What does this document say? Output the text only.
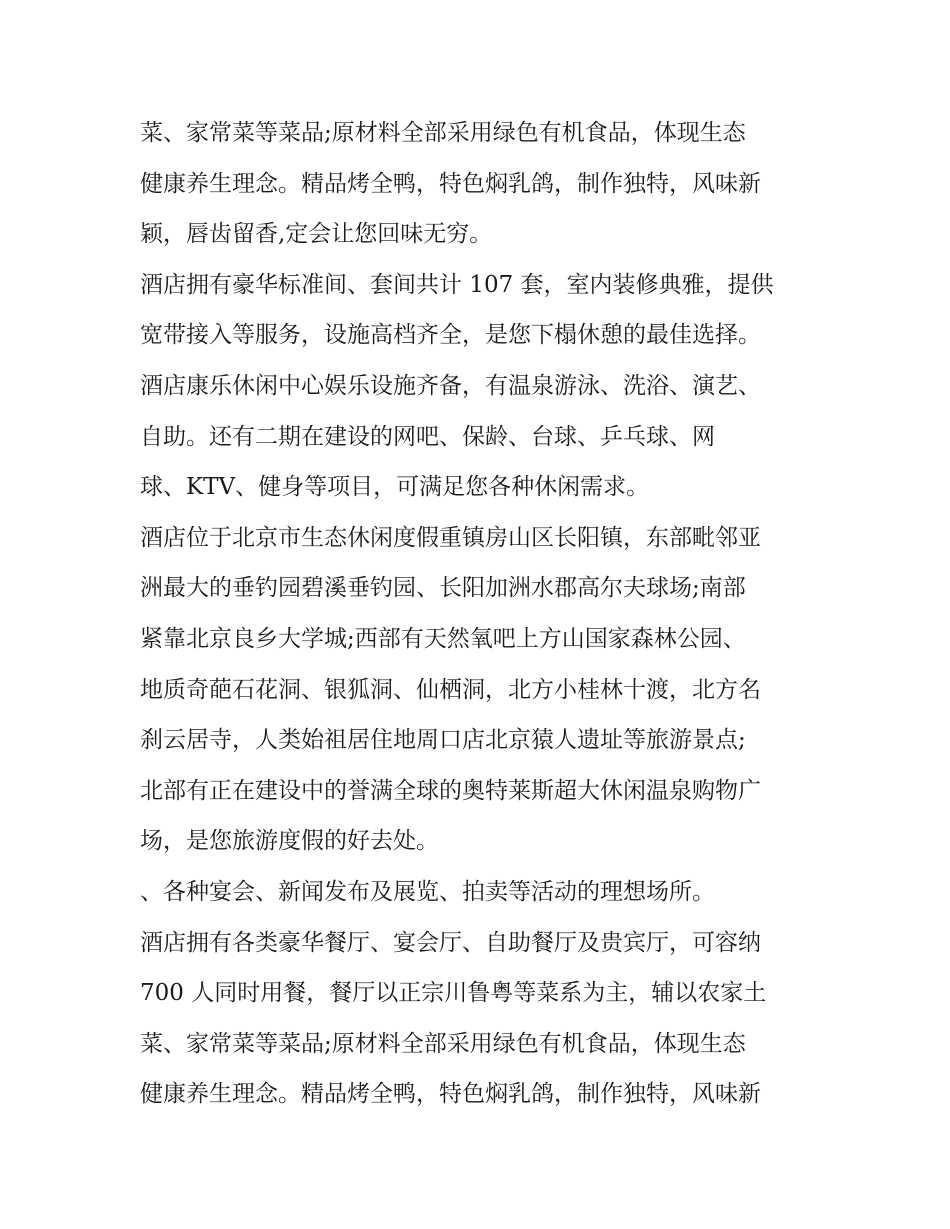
菜、家常菜等菜品;原材料全部采用绿色有机食品，体现生态
健康养生理念。精品烤全鸭，特色焖乳鸽，制作独特，风味新
颖，唇齿留香,定会让您回味无穷。
酒店拥有豪华标准间、套间共计 107 套，室内装修典雅，提供
宽带接入等服务，设施高档齐全，是您下榻休憩的最佳选择。
酒店康乐休闲中心娱乐设施齐备，有温泉游泳、洗浴、演艺、
自助。还有二期在建设的网吧、保龄、台球、乒乓球、网
球、KTV、健身等项目，可满足您各种休闲需求。
酒店位于北京市生态休闲度假重镇房山区长阳镇，东部毗邻亚
洲最大的垂钓园碧溪垂钓园、长阳加洲水郡高尔夫球场;南部
紧靠北京良乡大学城;西部有天然氧吧上方山国家森林公园、
地质奇葩石花洞、银狐洞、仙栖洞，北方小桂林十渡，北方名
刹云居寺，人类始祖居住地周口店北京猿人遗址等旅游景点;
北部有正在建设中的誉满全球的奥特莱斯超大休闲温泉购物广
场，是您旅游度假的好去处。
、各种宴会、新闻发布及展览、拍卖等活动的理想场所。
酒店拥有各类豪华餐厅、宴会厅、自助餐厅及贵宾厅，可容纳
700 人同时用餐，餐厅以正宗川鲁粤等菜系为主，辅以农家土
菜、家常菜等菜品;原材料全部采用绿色有机食品，体现生态
健康养生理念。精品烤全鸭，特色焖乳鸽，制作独特，风味新
